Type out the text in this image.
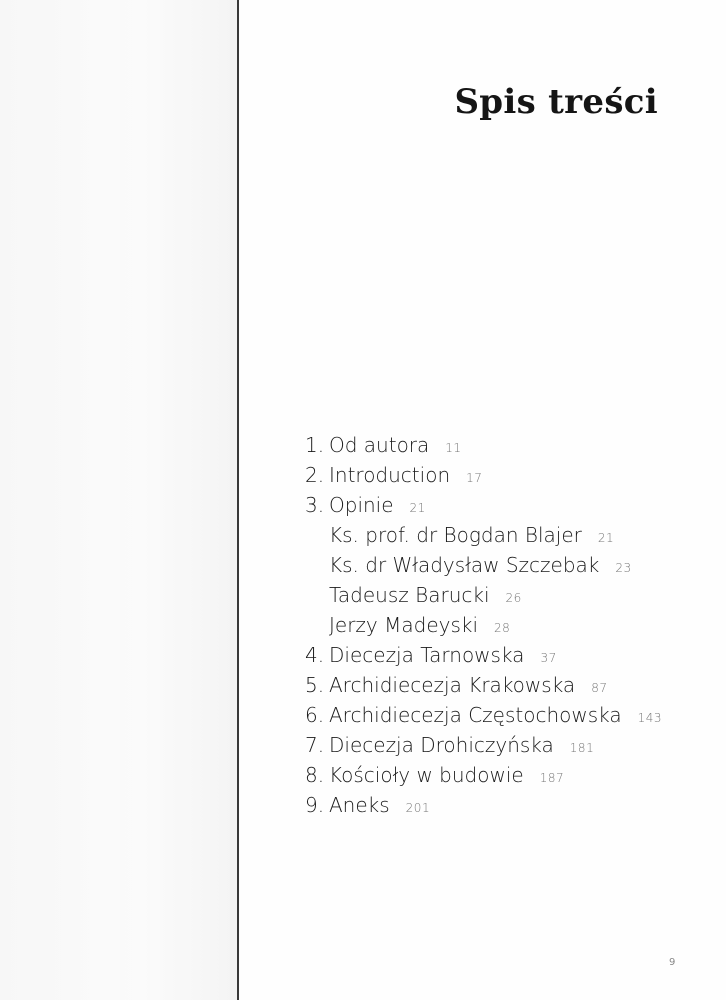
Spis treści
1. Od autora 11
2. Introduction 17
3. Opinie 21
Ks. prof. dr Bogdan Blajer 21
Ks. dr Władysław Szczebak 23
Tadeusz Barucki 26
Jerzy Madeyski 28
4. Diecezja Tarnowska 37
5. Archidiecezja Krakowska 87
6. Archidiecezja Częstochowska 143
7. Diecezja Drohiczyńska 181
8. Kościoły w budowie 187
9. Aneks 201
9
